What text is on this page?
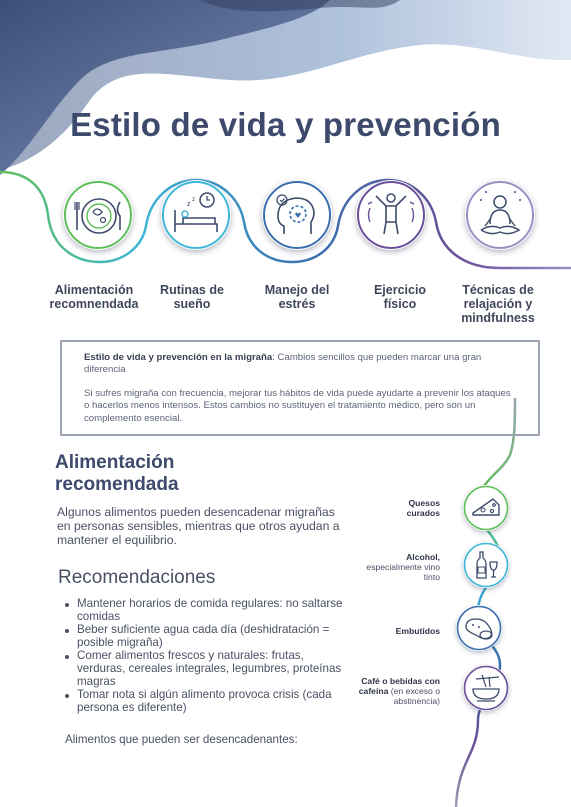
Estilo de vida y prevención
z
z
Alimentación recomnendada
Rutinas de sueño
Manejo del estrés
Ejercicio físico
Técnicas de relajación y mindfulness

Estilo de vida y prevención en la migraña: Cambios sencillos que pueden marcar una gran diferencia

Si sufres migraña con frecuencia, mejorar tus hábitos de vida puede ayudarte a prevenir los ataques o hacerlos menos intensos. Estos cambios no sustituyen el tratamiento médico, pero son un complemento esencial.

Alimentación
recomendada
Algunos alimentos pueden desencadenar migrañas en personas sensibles, mientras que otros ayudan a mantener el equilibrio.
Recomendaciones
Mantener horarios de comida regulares: no saltarse comidas
Beber suficiente agua cada día (deshidratación = posible migraña)
Comer alimentos frescos y naturales: frutas, verduras, cereales integrales, legumbres, proteínas magras
Tomar nota si algún alimento provoca crisis (cada persona es diferente)
Alimentos que pueden ser desencadenantes:
Quesos curados
Alcohol,
especialmente vino tinto
Embutidos
Café o bebidas con cafeína (en exceso o abstinencia)
